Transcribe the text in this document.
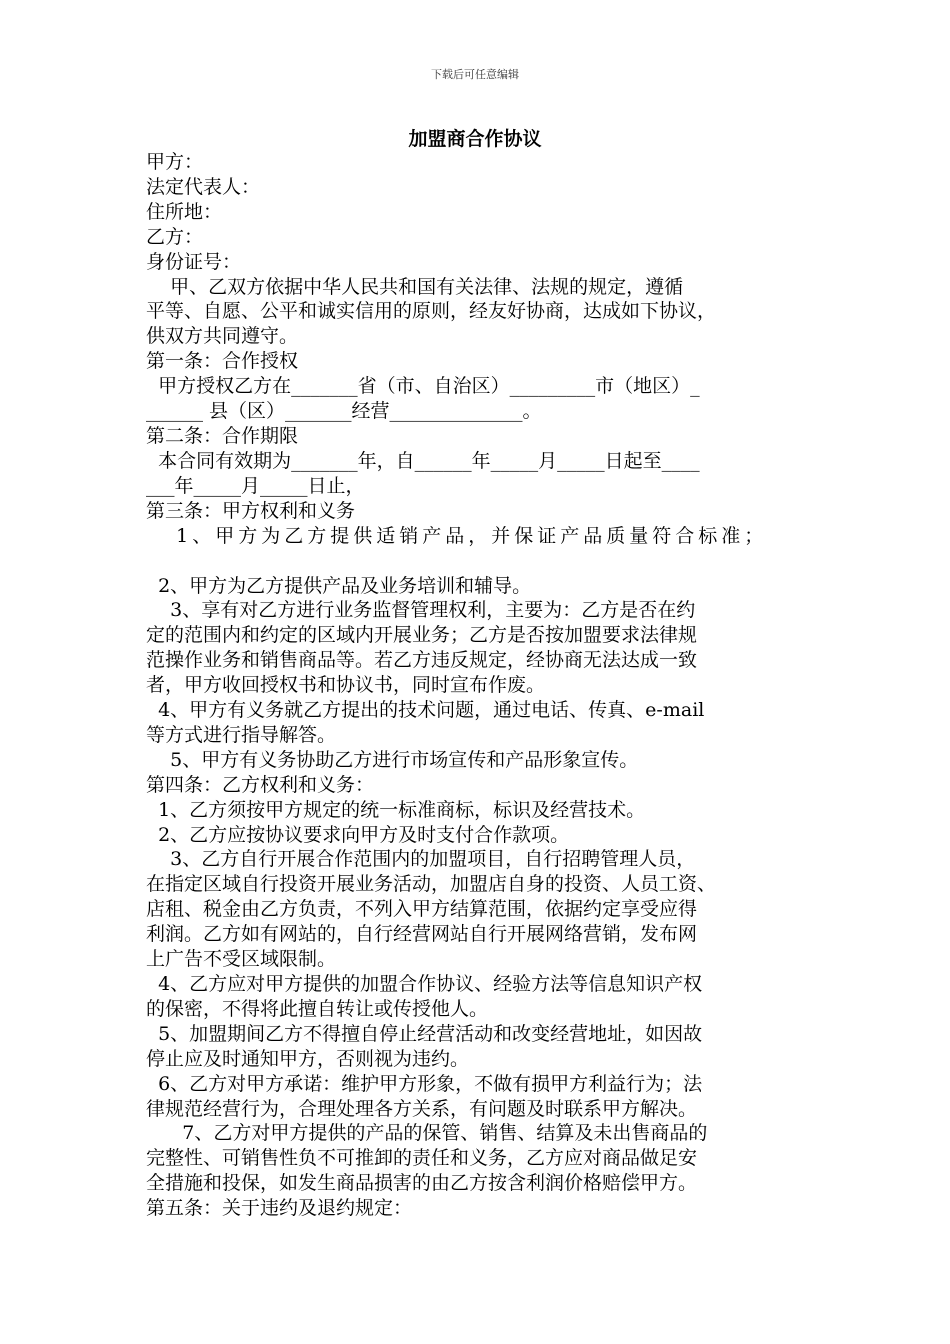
下载后可任意编辑
加盟商合作协议

甲方：

法定代表人：

住所地：

乙方：

身份证号：

甲、乙双方依据中华人民共和国有关法律、法规的规定，遵循

平等、自愿、公平和诚实信用的原则，经友好协商，达成如下协议，

供双方共同遵守。

第一条：合作授权

甲方授权乙方在_______省（市、自治区）_________市（地区）_

______ 县（区）_______经营______________。

第二条：合作期限

本合同有效期为_______年，自______年_____月_____日起至____

___年_____月_____日止，

第三条：甲方权利和义务

1、甲方为乙方提供适销产品，并保证产品质量符合标准；

2、甲方为乙方提供产品及业务培训和辅导。

3、享有对乙方进行业务监督管理权利，主要为：乙方是否在约

定的范围内和约定的区域内开展业务；乙方是否按加盟要求法律规

范操作业务和销售商品等。若乙方违反规定，经协商无法达成一致

者，甲方收回授权书和协议书，同时宣布作废。

4、甲方有义务就乙方提出的技术问题，通过电话、传真、e-mail

等方式进行指导解答。

5、甲方有义务协助乙方进行市场宣传和产品形象宣传。

第四条：乙方权利和义务：

1、乙方须按甲方规定的统一标准商标，标识及经营技术。

2、乙方应按协议要求向甲方及时支付合作款项。

3、乙方自行开展合作范围内的加盟项目，自行招聘管理人员，

在指定区域自行投资开展业务活动，加盟店自身的投资、人员工资、

店租、税金由乙方负责，不列入甲方结算范围，依据约定享受应得

利润。乙方如有网站的，自行经营网站自行开展网络营销，发布网

上广告不受区域限制。

4、乙方应对甲方提供的加盟合作协议、经验方法等信息知识产权

的保密，不得将此擅自转让或传授他人。

5、加盟期间乙方不得擅自停止经营活动和改变经营地址，如因故

停止应及时通知甲方，否则视为违约。

6、乙方对甲方承诺：维护甲方形象，不做有损甲方利益行为；法

律规范经营行为，合理处理各方关系，有问题及时联系甲方解决。

7、乙方对甲方提供的产品的保管、销售、结算及未出售商品的

完整性、可销售性负不可推卸的责任和义务，乙方应对商品做足安

全措施和投保，如发生商品损害的由乙方按含利润价格赔偿甲方。

第五条：关于违约及退约规定：
